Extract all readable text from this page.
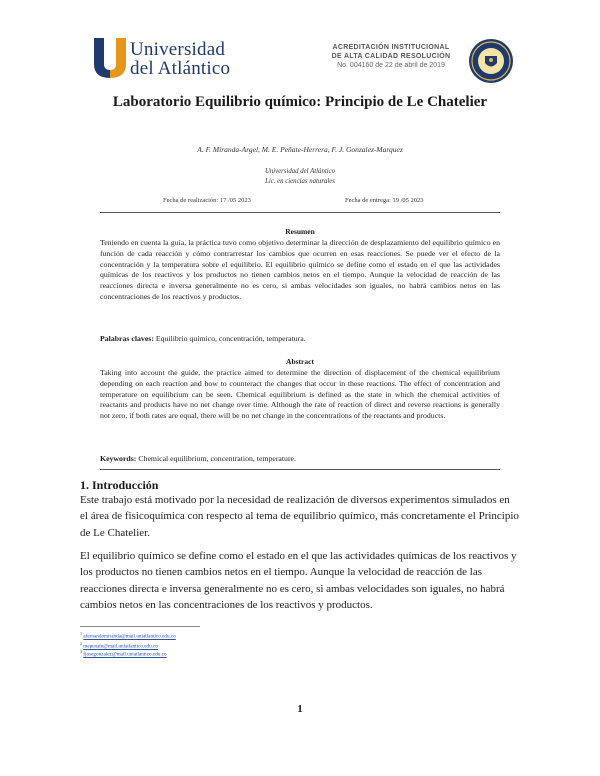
Universidad
del Atlántico
ACREDITACIÓN INSTITUCIONAL
DE ALTA CALIDAD RESOLUCIÓN
No. 004160 de 22 de abril de 2019
Laboratorio Equilibrio químico: Principio de Le Chatelier
A. F. Miranda-Argel, M. E. Peñate-Herrera, F. J. Gonzalez-Marquez
Universidad del Atlántico
Lic. en ciencias naturales
Fecha de realización: 17 /05 2023	Fecha de entrega: 19 /05 2023
Resumen
Teniendo en cuenta la guía, la práctica tuvo como objetivo determinar la dirección de desplazamiento del equilibrio químico en función de cada reacción y cómo contrarrestar los cambios que ocurren en esas reacciones. Se puede ver el efecto de la concentración y la temperatura sobre el equilibrio. El equilibrio químico se define como el estado en el que las actividades químicas de los reactivos y los productos no tienen cambios netos en el tiempo. Aunque la velocidad de reacción de las reacciones directa e inversa generalmente no es cero, si ambas velocidades son iguales, no habrá cambios netos en las concentraciones de los reactivos y productos.
Palabras claves: Equilibrio químico, concentración, temperatura.
Abstract
Taking into account the guide, the practice aimed to determine the direction of displacement of the chemical equilibrium depending on each reaction and how to counteract the changes that occur in these reactions. The effect of concentration and temperature on equilibrium can be seen. Chemical equilibrium is defined as the state in which the chemical activities of reactants and products have no net change over time. Although the rate of reaction of direct and reverse reactions is generally not zero, if both rates are equal, there will be no net change in the concentrations of the reactants and products.
Keywords: Chemical equilibrium, concentration, temperature.
1. Introducción
Este trabajo está motivado por la necesidad de realización de diversos experimentos simulados en el área de fisicoquímica con respecto al tema de equilibrio químico, más concretamente el Principio de Le Chatelier.
El equilibrio químico se define como el estado en el que las actividades químicas de los reactivos y los productos no tienen cambios netos en el tiempo. Aunque la velocidad de reacción de las reacciones directa e inversa generalmente no es cero, si ambas velocidades son iguales, no habrá cambios netos en las concentraciones de los reactivos y productos.
$^1$ afernandomiranda@mail.uniatlantico.edu.co
$^2$ mepenate@mail.uniatlantico.edu.co
$^3$ fjosegonzalez@mail.uniatlantico.edu.co
1
